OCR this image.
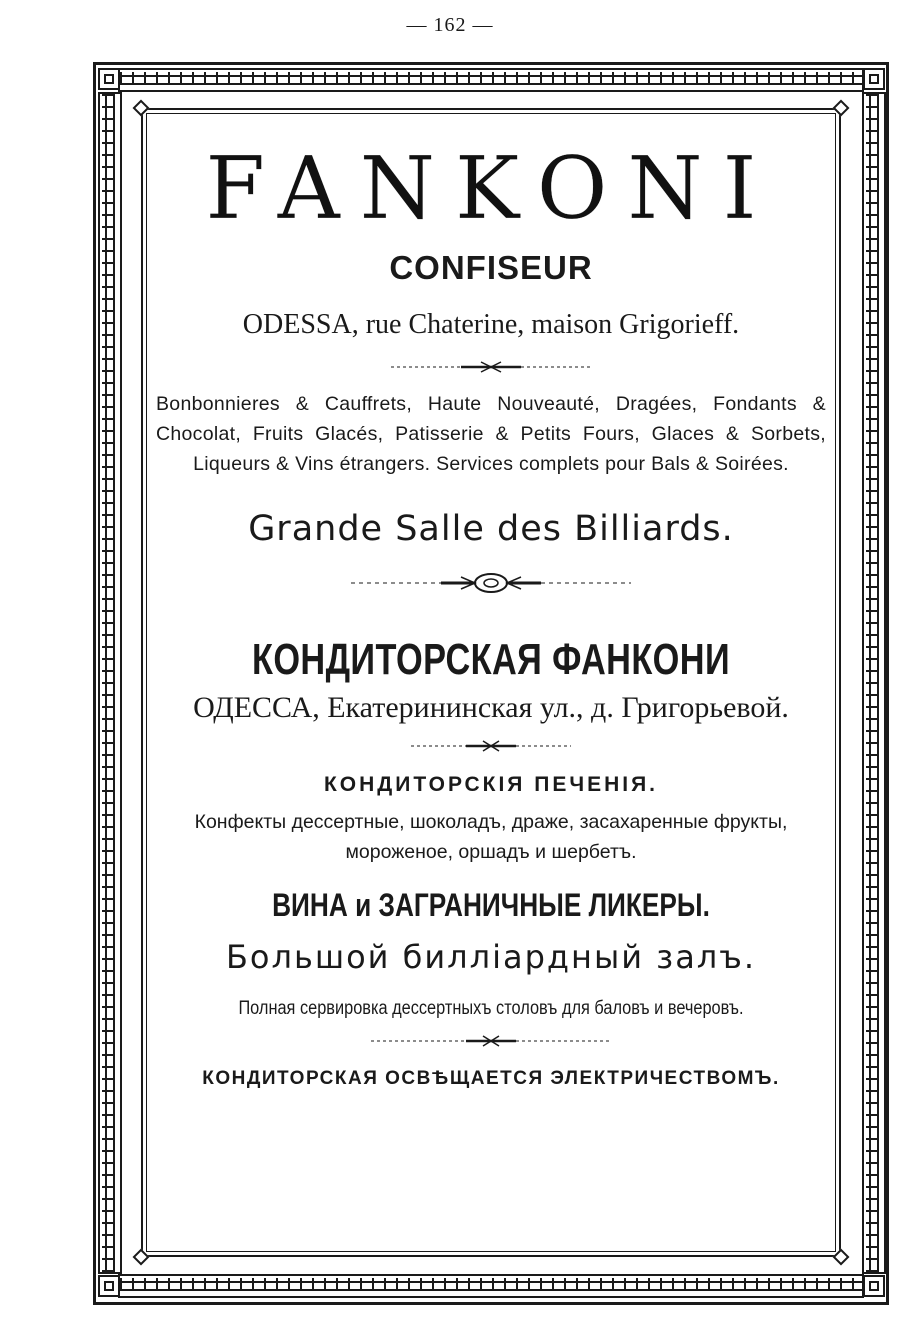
— 162 —
FANKONI
CONFISEUR
ODESSA, rue Chaterine, maison Grigorieff.
Bonbonnieres & Cauffrets, Haute Nouveauté, Dragées, Fondants & Chocolat, Fruits Glacés, Patisserie & Petits Fours, Glaces & Sorbets, Liqueurs & Vins étrangers. Services complets pour Bals & Soirées.
Grande Salle des Billiards.
КОНДИТОРСКАЯ ФАНКОНИ
ОДЕССА, Екатерининская ул., д. Григорьевой.
КОНДИТОРСКІЯ ПЕЧЕНІЯ.
Конфекты дессертные, шоколадъ, драже, засахаренные фрукты,
мороженое, оршадъ и шербетъ.
ВИНА и ЗАГРАНИЧНЫЕ ЛИКЕРЫ.
Большой билліардный залъ.
Полная сервировка дессертныхъ столовъ для баловъ и вечеровъ.
КОНДИТОРСКАЯ ОСВѢЩАЕТСЯ ЭЛЕКТРИЧЕСТВОМЪ.
